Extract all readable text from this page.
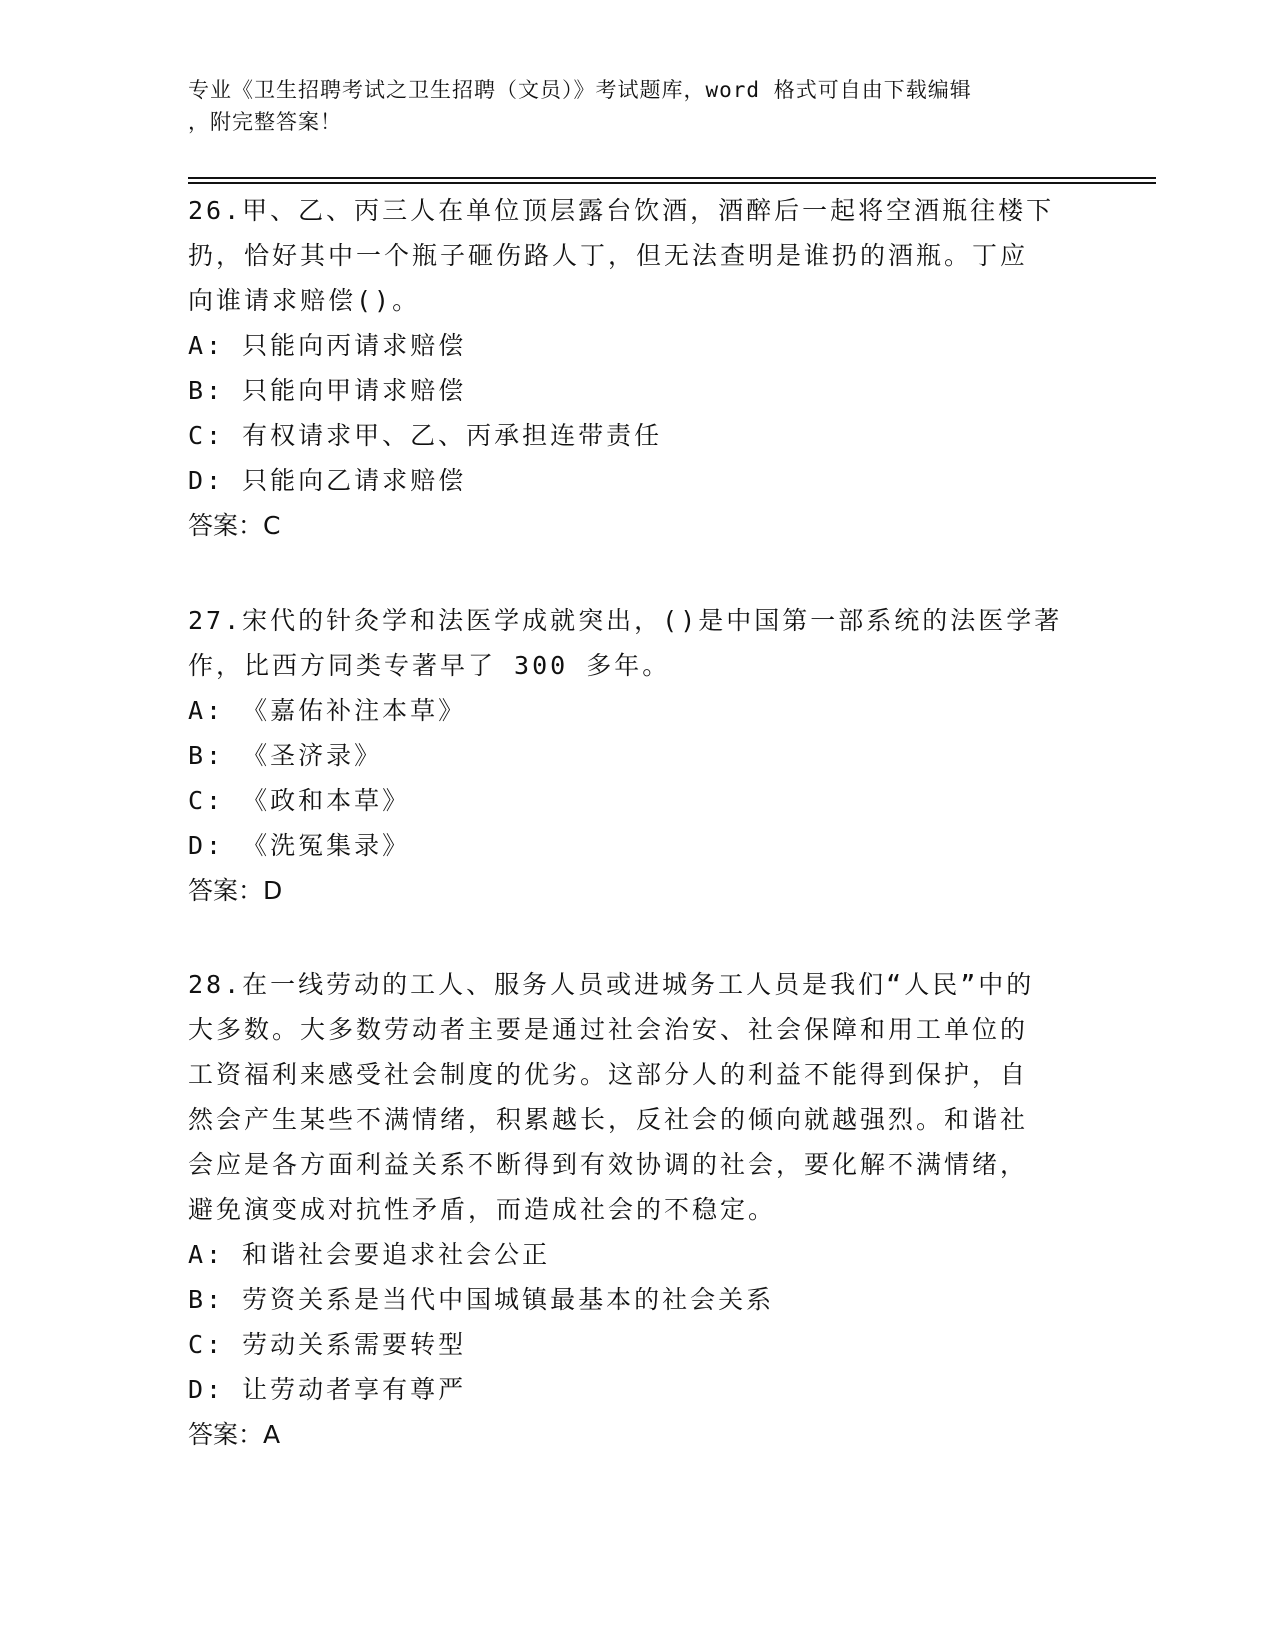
专业《卫生招聘考试之卫生招聘（文员）》考试题库，word 格式可自由下载编辑
，附完整答案！

26.甲、乙、丙三人在单位顶层露台饮酒，酒醉后一起将空酒瓶往楼下
扔，恰好其中一个瓶子砸伤路人丁，但无法查明是谁扔的酒瓶。丁应
向谁请求赔偿()。

A: 只能向丙请求赔偿

B: 只能向甲请求赔偿

C: 有权请求甲、乙、丙承担连带责任

D: 只能向乙请求赔偿

答案：C

27.宋代的针灸学和法医学成就突出，()是中国第一部系统的法医学著
作，比西方同类专著早了 300 多年。

A: 《嘉佑补注本草》

B: 《圣济录》

C: 《政和本草》

D: 《洗冤集录》

答案：D

28.在一线劳动的工人、服务人员或进城务工人员是我们“人民”中的
大多数。大多数劳动者主要是通过社会治安、社会保障和用工单位的
工资福利来感受社会制度的优劣。这部分人的利益不能得到保护，自
然会产生某些不满情绪，积累越长，反社会的倾向就越强烈。和谐社
会应是各方面利益关系不断得到有效协调的社会，要化解不满情绪，
避免演变成对抗性矛盾，而造成社会的不稳定。

A: 和谐社会要追求社会公正

B: 劳资关系是当代中国城镇最基本的社会关系

C: 劳动关系需要转型

D: 让劳动者享有尊严

答案：A
